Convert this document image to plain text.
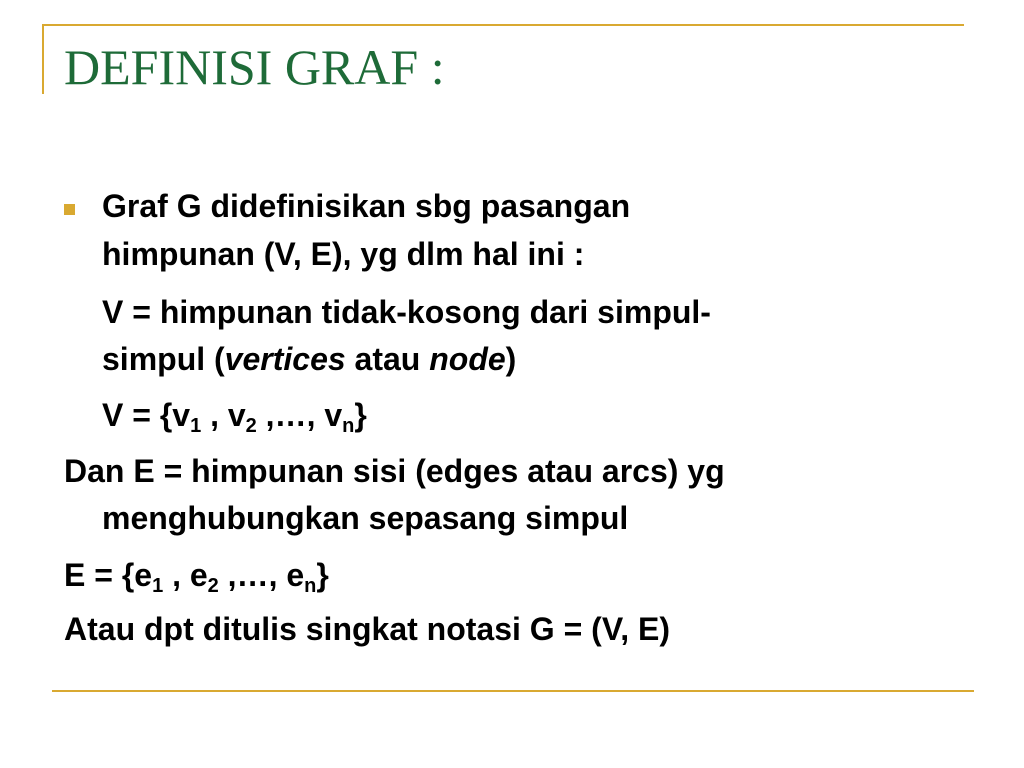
DEFINISI GRAF :

Graf G didefinisikan sbg pasangan

himpunan (V, E), yg dlm hal ini :

V = himpunan tidak-kosong dari simpul-

simpul (vertices atau node)

$V = \{v_1$ , $v_2$ ,…, $v_n$}

Dan E = himpunan sisi (edges atau arcs) yg

menghubungkan sepasang simpul

$E = \{e_1$ , $e_2$ ,…, $e_n$}

Atau dpt ditulis singkat notasi G = (V, E)
